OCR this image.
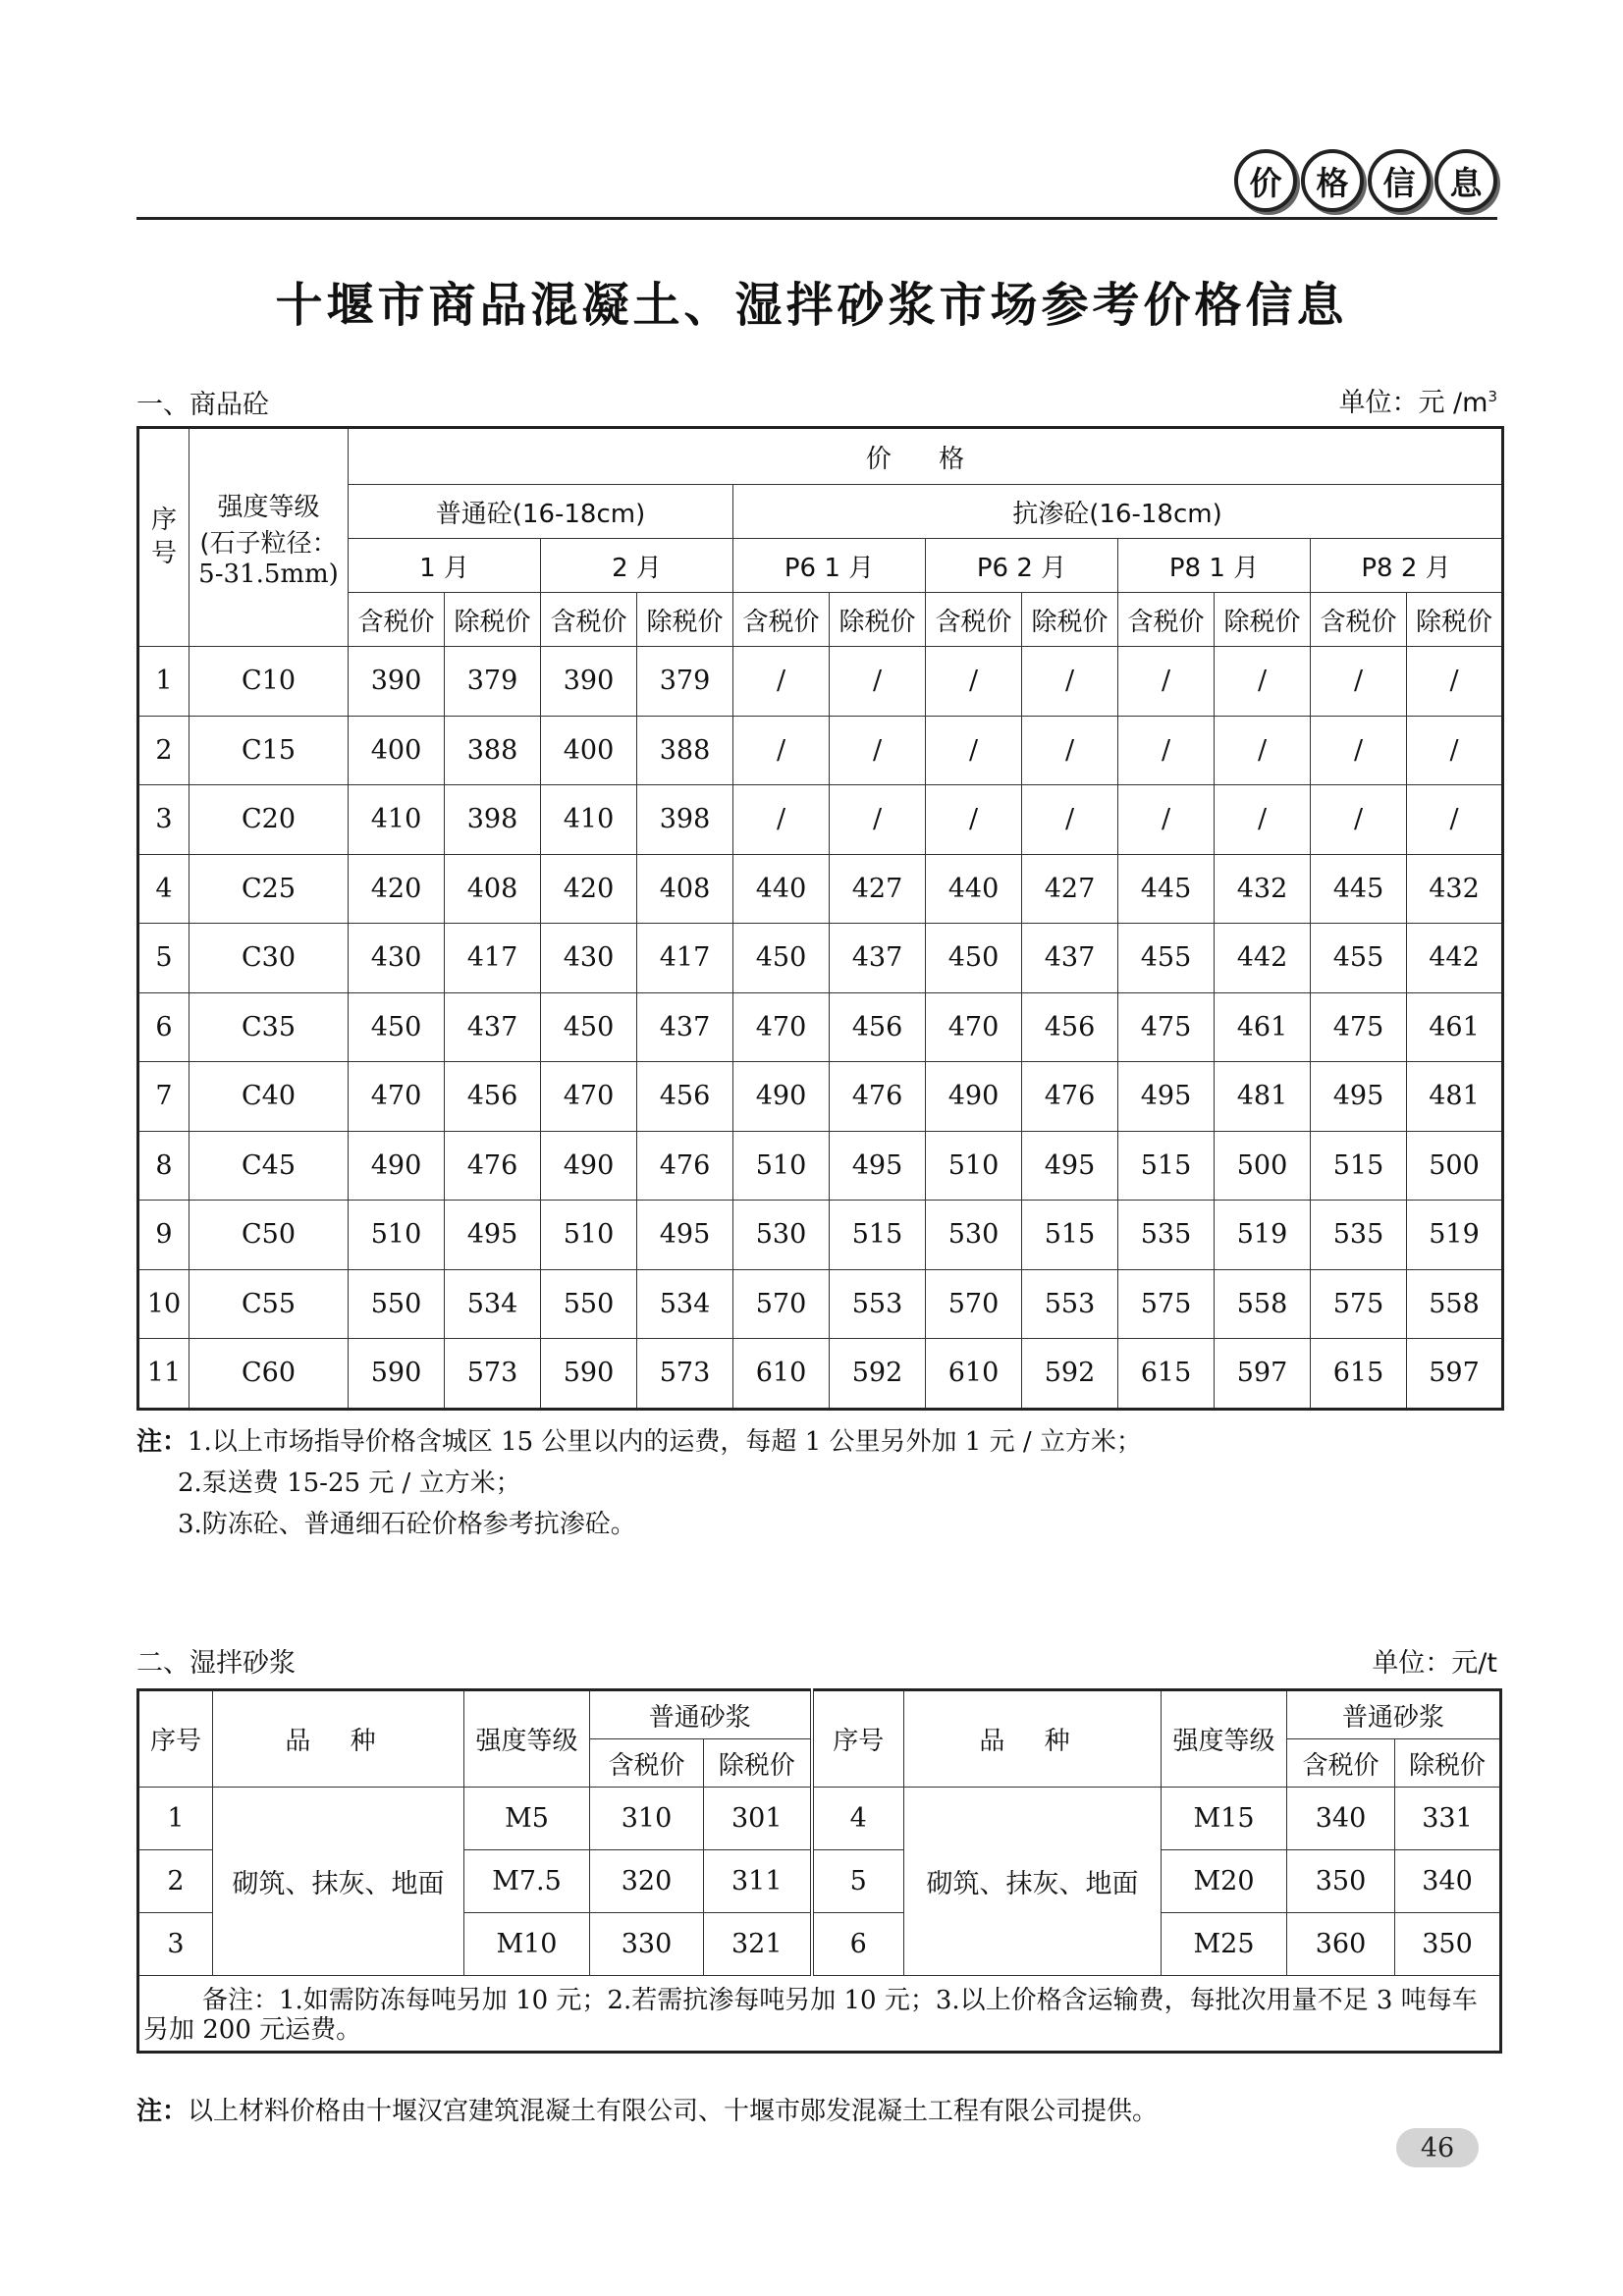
价	格	信	息
十堰市商品混凝土、湿拌砂浆市场参考价格信息
一、商品砼	单位：元 $/m^3$
序号	强度等级
(石子粒径：
5-31.5mm)	价 格											
		普通砼(16-18cm)				抗渗砼(16-18cm)							
		1 月		2 月		P6 1 月		P6 2 月		P8 1 月		P8 2 月	
		含税价	除税价	含税价	除税价	含税价	除税价	含税价	除税价	含税价	除税价	含税价	除税价
1	C10	390	379	390	379	/	/	/	/	/	/	/	/
2	C15	400	388	400	388	/	/	/	/	/	/	/	/
3	C20	410	398	410	398	/	/	/	/	/	/	/	/
4	C25	420	408	420	408	440	427	440	427	445	432	445	432
5	C30	430	417	430	417	450	437	450	437	455	442	455	442
6	C35	450	437	450	437	470	456	470	456	475	461	475	461
7	C40	470	456	470	456	490	476	490	476	495	481	495	481
8	C45	490	476	490	476	510	495	510	495	515	500	515	500
9	C50	510	495	510	495	530	515	530	515	535	519	535	519
10	C55	550	534	550	534	570	553	570	553	575	558	575	558
11	C60	590	573	590	573	610	592	610	592	615	597	615	597
注：1.以上市场指导价格含城区 15 公里以内的运费，每超 1 公里另外加 1 元 / 立方米；
2.泵送费 15-25 元 / 立方米；
3.防冻砼、普通细石砼价格参考抗渗砼。
二、湿拌砂浆	单位：元/t
序号	品 种	强度等级	普通砂浆		序号	品 种	强度等级	普通砂浆	
			含税价	除税价				含税价	除税价
1	砌筑、抹灰、地面	M5	310	301	4	砌筑、抹灰、地面	M15	340	331
2		M7.5	320	311	5		M20	350	340
3		M10	330	321	6		M25	360	350
备注：1.如需防冻每吨另加 10 元；2.若需抗渗每吨另加 10 元；3.以上价格含运输费，每批次用量不足 3 吨每车另加 200 元运费。									
注：以上材料价格由十堰汉宫建筑混凝土有限公司、十堰市郧发混凝土工程有限公司提供。
46
